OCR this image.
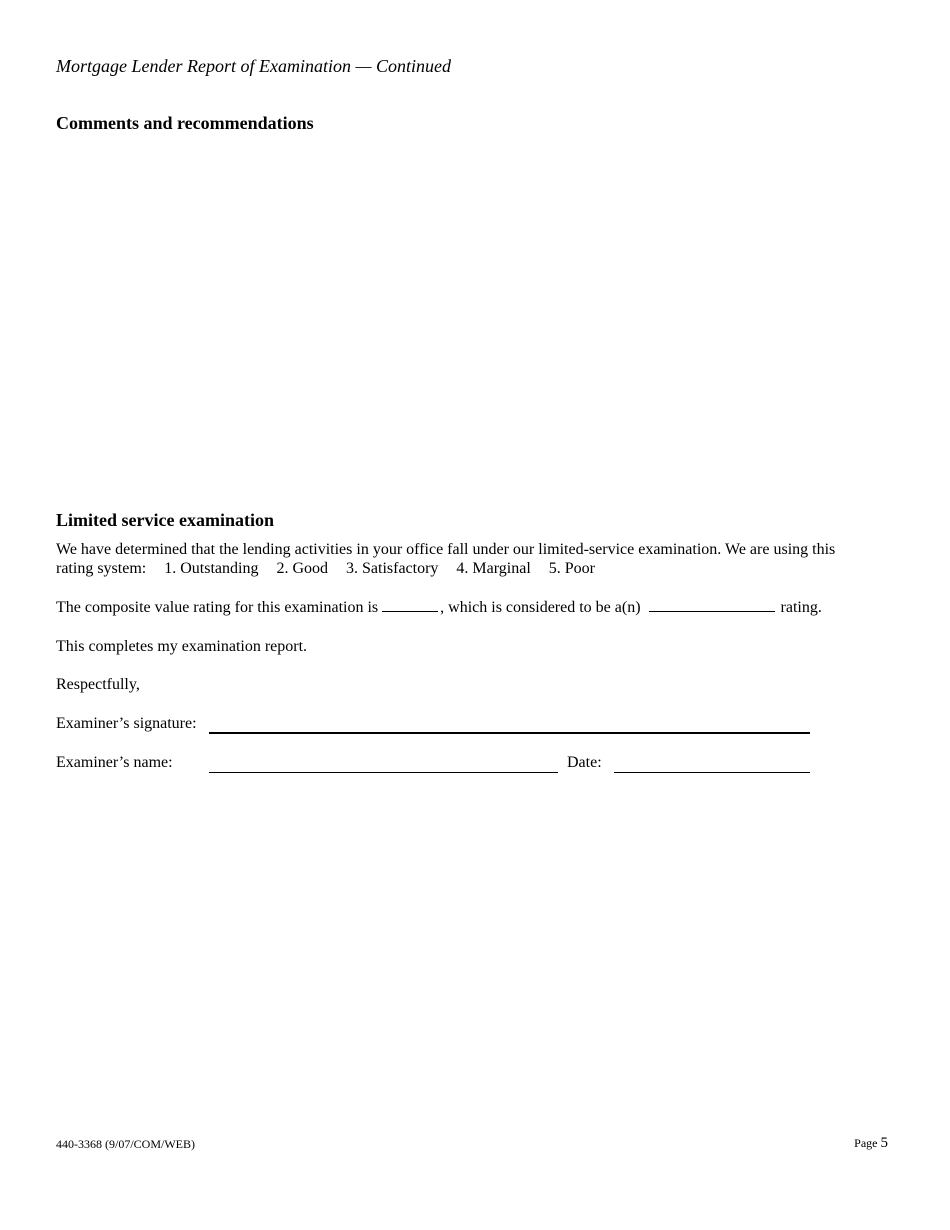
Mortgage Lender Report of Examination — Continued
Comments and recommendations
Limited service examination
We have determined that the lending activities in your office fall under our limited-service examination. We are using this
rating system: 1. Outstanding 2. Good 3. Satisfactory 4. Marginal 5. Poor
The composite value rating for this examination is	, which is considered to be a(n)	rating.
This completes my examination report.
Respectfully,
Examiner’s signature:
Examiner’s name:	Date:
440-3368 (9/07/COM/WEB)	Page 5
